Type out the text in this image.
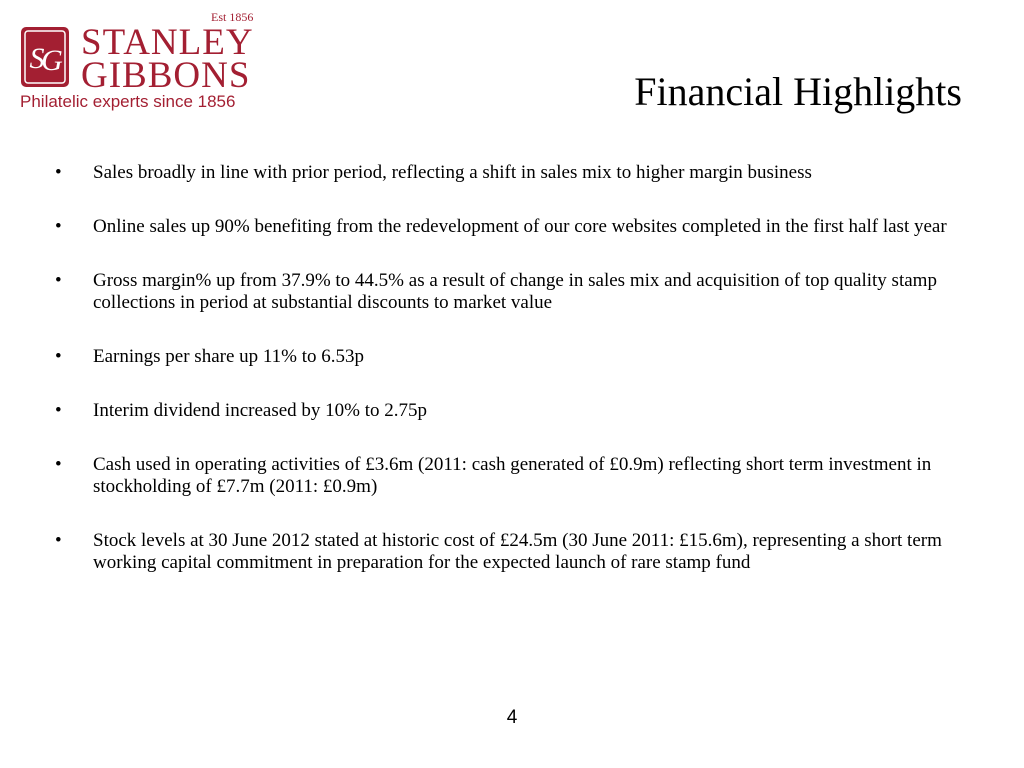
Est 1856
S
G STANLEY
GIBBONS
Philatelic experts since 1856	Financial Highlights
• Sales broadly in line with prior period, reflecting a shift in sales mix to higher margin business
• Online sales up 90% benefiting from the redevelopment of our core websites completed in the first half last year
• Gross margin% up from 37.9% to 44.5% as a result of change in sales mix and acquisition of top quality stamp collections in period at substantial discounts to market value
• Earnings per share up 11% to 6.53p
• Interim dividend increased by 10% to 2.75p
• Cash used in operating activities of £3.6m (2011: cash generated of £0.9m) reflecting short term investment in stockholding of £7.7m (2011: £0.9m)
• Stock levels at 30 June 2012 stated at historic cost of £24.5m (30 June 2011: £15.6m), representing a short term working capital commitment in preparation for the expected launch of rare stamp fund
4
